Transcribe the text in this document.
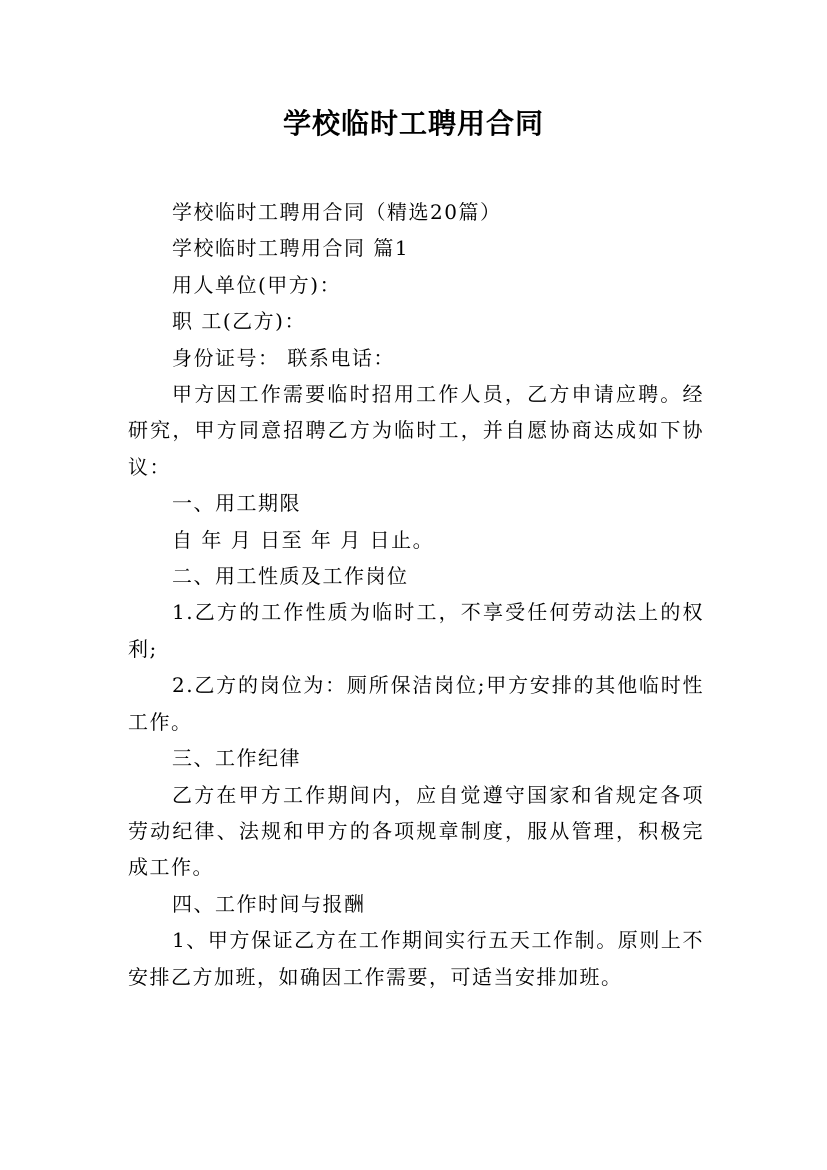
学校临时工聘用合同

学校临时工聘用合同（精选20篇）

学校临时工聘用合同 篇1

用人单位(甲方)：

职 工(乙方)：

身份证号： 联系电话：

甲方因工作需要临时招用工作人员，乙方申请应聘。经研究，甲方同意招聘乙方为临时工，并自愿协商达成如下协议：

一、用工期限

自 年 月 日至 年 月 日止。

二、用工性质及工作岗位

1.乙方的工作性质为临时工，不享受任何劳动法上的权利;

2.乙方的岗位为：厕所保洁岗位;甲方安排的其他临时性工作。

三、工作纪律

乙方在甲方工作期间内，应自觉遵守国家和省规定各项劳动纪律、法规和甲方的各项规章制度，服从管理，积极完成工作。

四、工作时间与报酬

1、甲方保证乙方在工作期间实行五天工作制。原则上不安排乙方加班，如确因工作需要，可适当安排加班。
